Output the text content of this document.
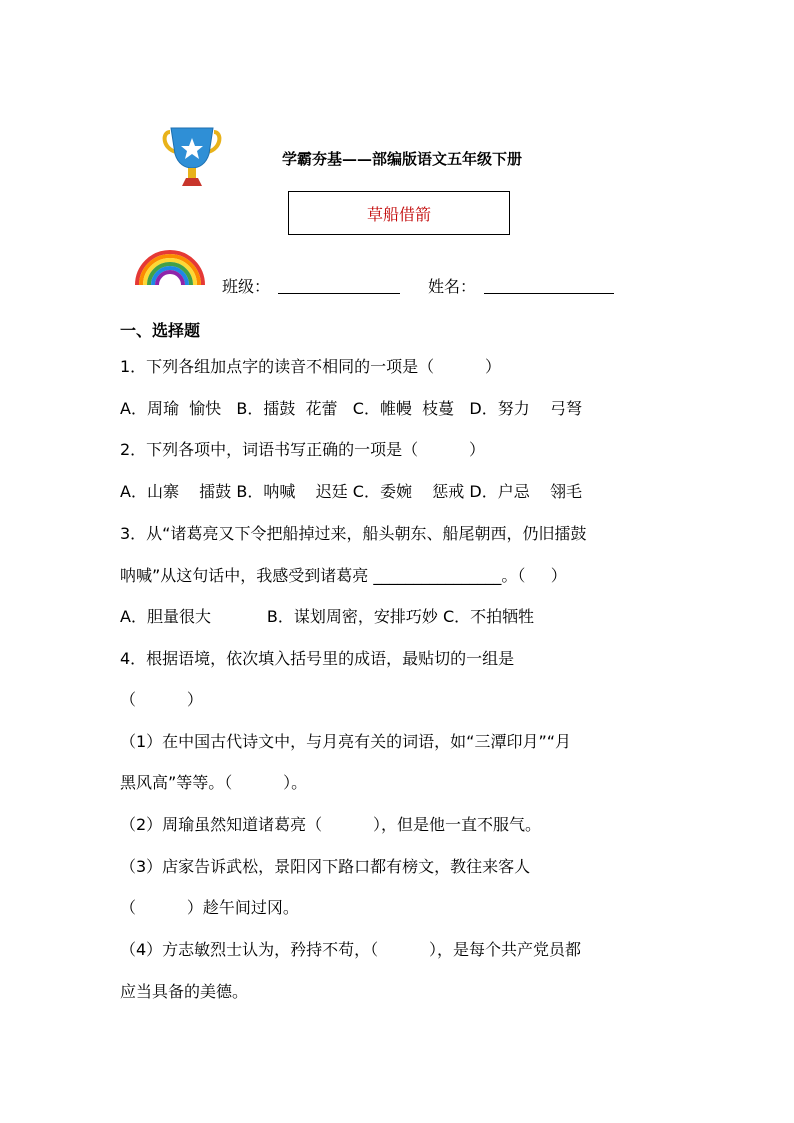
学霸夯基——部编版语文五年级下册
草船借箭
班级：	姓名：
一、选择题
1．下列各组加点字的读音不相同的一项是（          ）
A．周瑜  愉快   B．擂鼓  花蕾   C．帷幔  枝蔓   D．努力    弓弩
2．下列各项中，词语书写正确的一项是（          ）
A．山寨    擂鼓 B．呐喊    迟廷 C．委婉    惩戒 D．户忌    翎毛
3．从“诸葛亮又下令把船掉过来，船头朝东、船尾朝西，仍旧擂鼓
呐喊”从这句话中，我感受到诸葛亮 ________________。（     ）
A．胆量很大           B．谋划周密，安排巧妙 C．不拍牺牲
4．根据语境，依次填入括号里的成语，最贴切的一组是
（          ）
（1）在中国古代诗文中，与月亮有关的词语，如“三潭印月”“月
黑风高”等等。（          ）。
（2）周瑜虽然知道诸葛亮（          ），但是他一直不服气。
（3）店家告诉武松，景阳冈下路口都有榜文，教往来客人
（          ）趁午间过冈。
（4）方志敏烈士认为，矜持不苟，（          ），是每个共产党员都
应当具备的美德。
